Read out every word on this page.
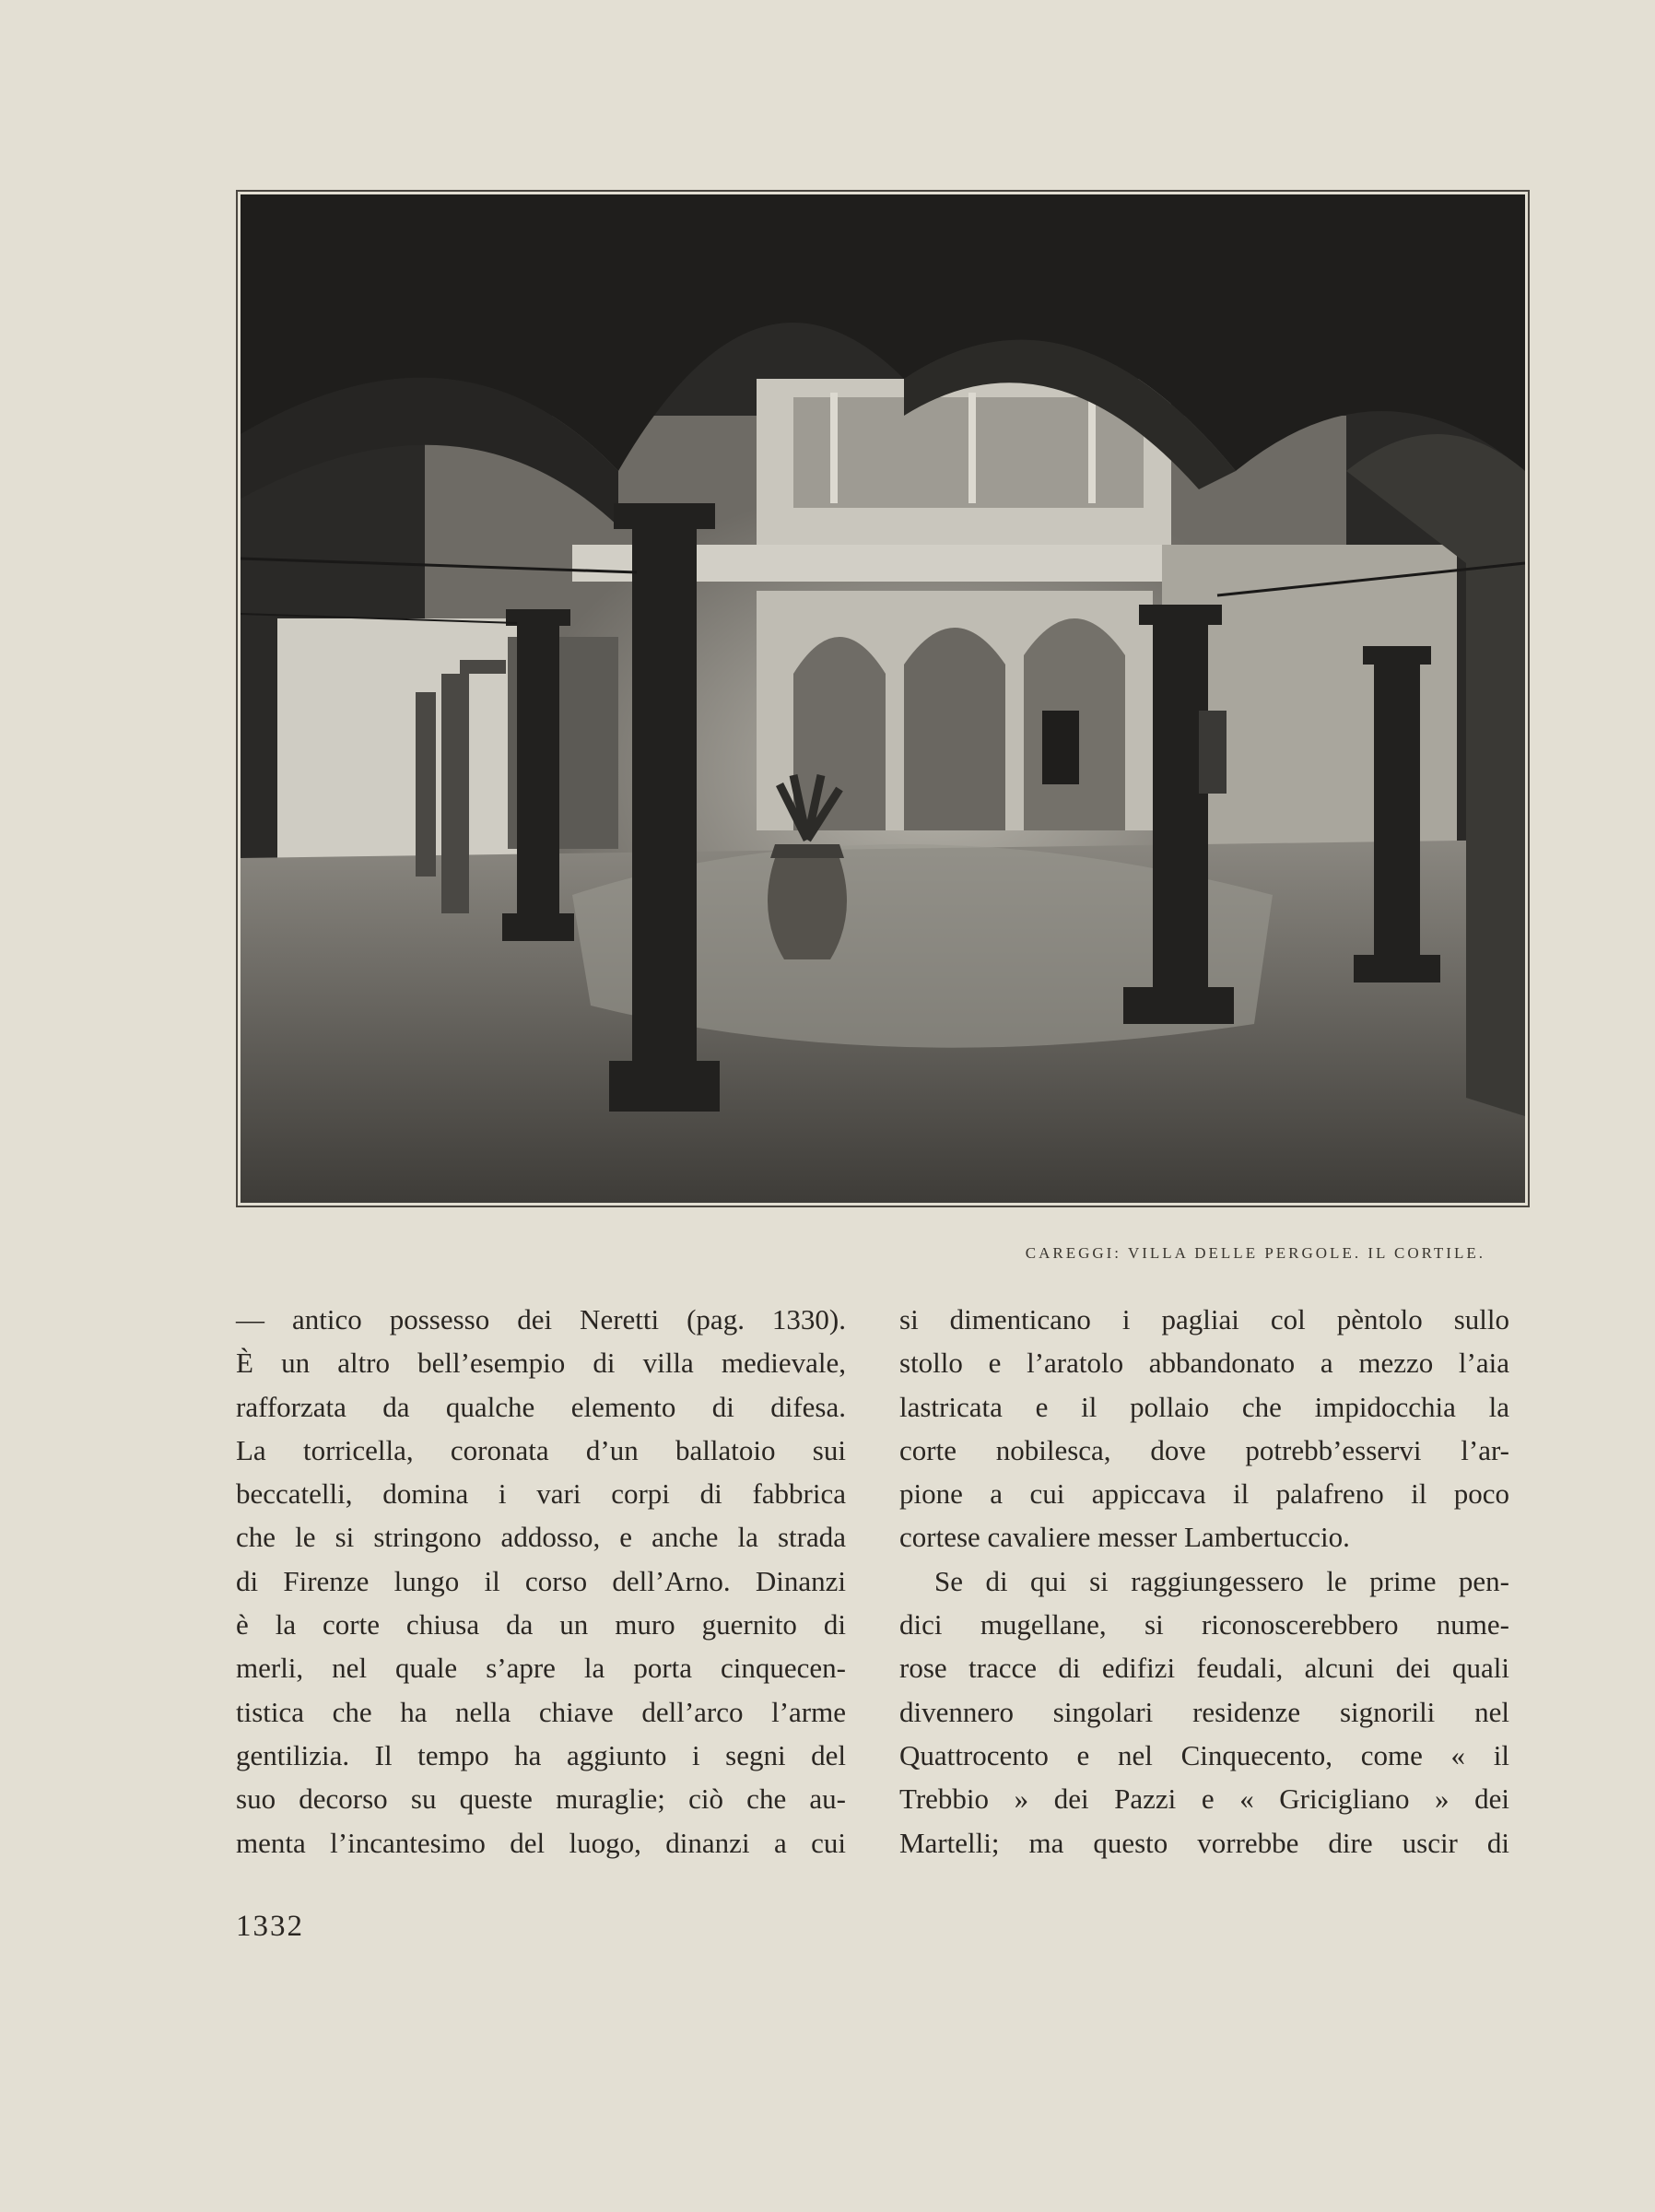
CAREGGI: VILLA DELLE PERGOLE. IL CORTILE.
— antico possesso dei Neretti (pag. 1330).
È un altro bell’esempio di villa medievale,
rafforzata da qualche elemento di difesa.
La torricella, coronata d’un ballatoio sui
beccatelli, domina i vari corpi di fabbrica
che le si stringono addosso, e anche la strada
di Firenze lungo il corso dell’Arno. Dinanzi
è la corte chiusa da un muro guernito di
merli, nel quale s’apre la porta cinquecen-
tistica che ha nella chiave dell’arco l’arme
gentilizia. Il tempo ha aggiunto i segni del
suo decorso su queste muraglie; ciò che au-
menta l’incantesimo del luogo, dinanzi a cui
si dimenticano i pagliai col pèntolo sullo
stollo e l’aratolo abbandonato a mezzo l’aia
lastricata e il pollaio che impidocchia la
corte nobilesca, dove potrebb’esservi l’ar-
pione a cui appiccava il palafreno il poco
cortese cavaliere messer Lambertuccio.
Se di qui si raggiungessero le prime pen-
dici mugellane, si riconoscerebbero nume-
rose tracce di edifizi feudali, alcuni dei quali
divennero singolari residenze signorili nel
Quattrocento e nel Cinquecento, come « il
Trebbio » dei Pazzi e « Gricigliano » dei
Martelli; ma questo vorrebbe dire uscir di
1332
